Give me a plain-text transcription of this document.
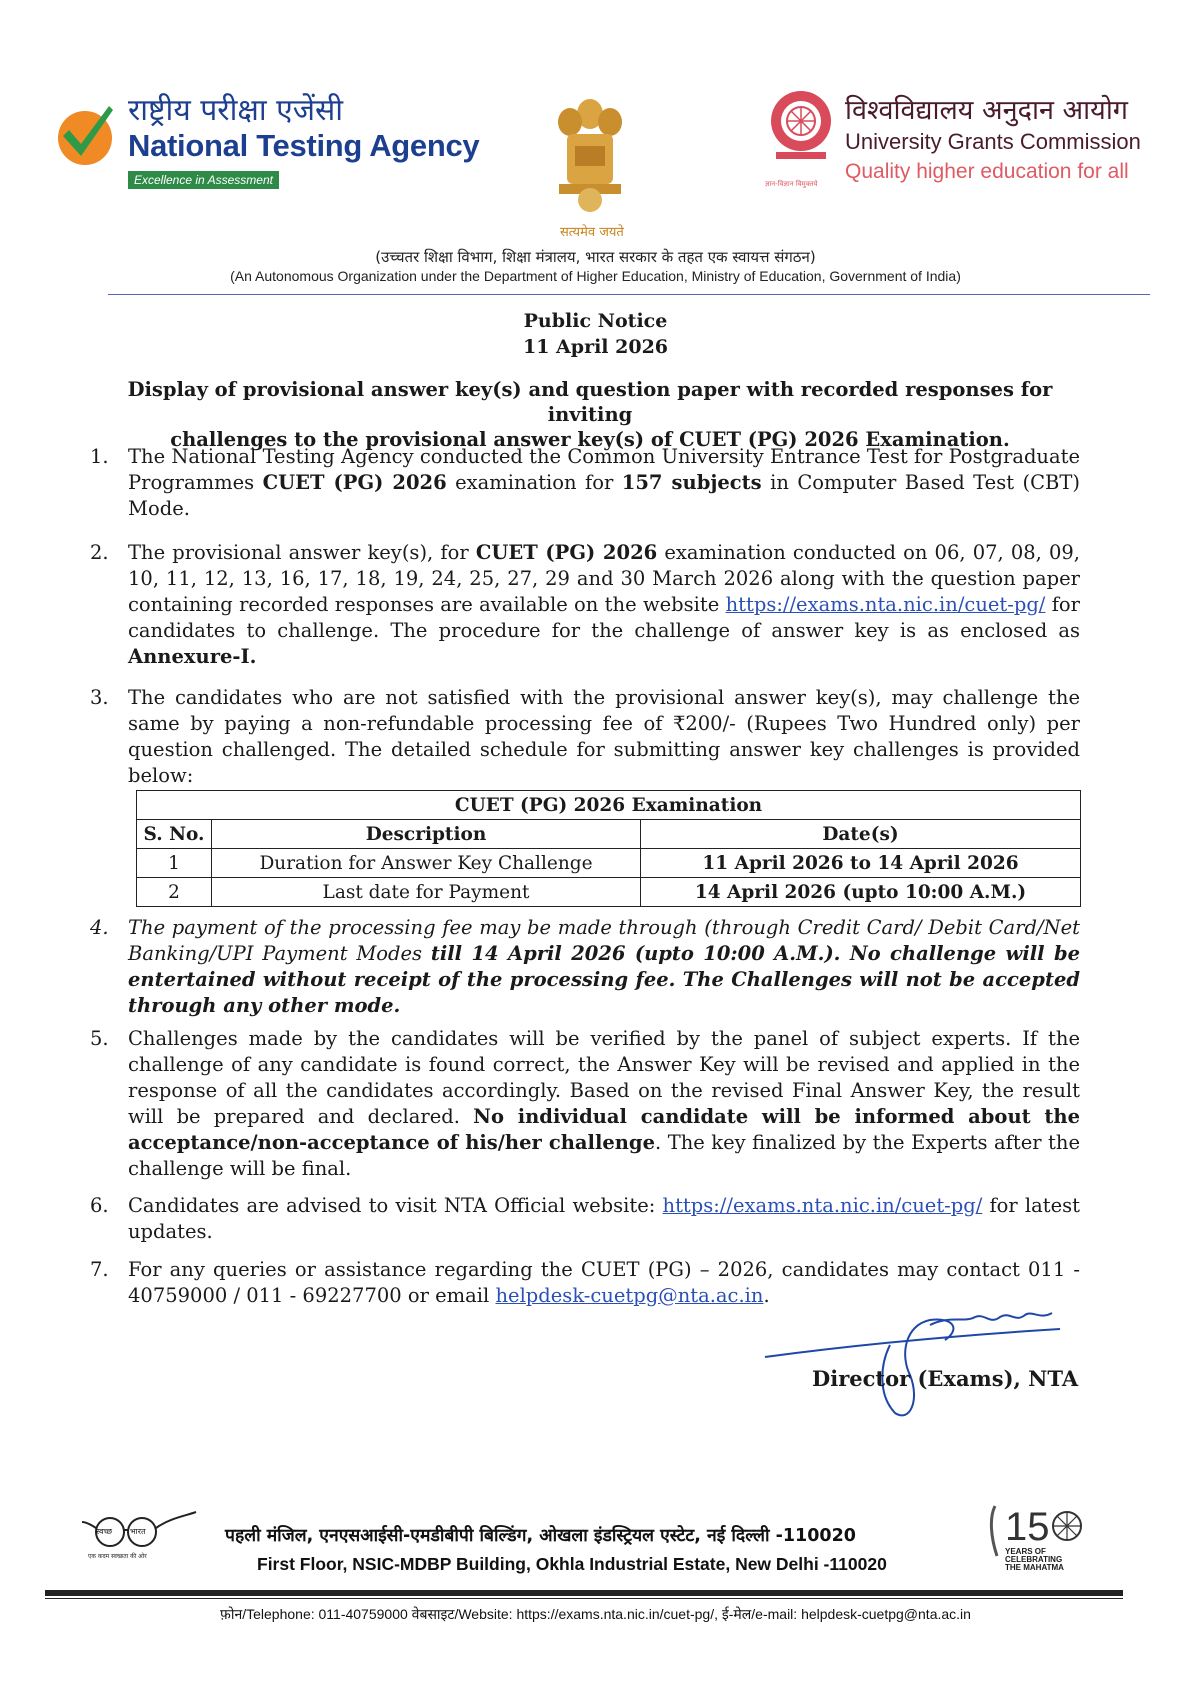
राष्ट्रीय परीक्षा एजेंसी
National Testing Agency
Excellence in Assessment
सत्यमेव जयते
ज्ञान-विज्ञान विमुक्तये
विश्वविद्यालय अनुदान आयोग
University Grants Commission
Quality higher education for all
(उच्चतर शिक्षा विभाग, शिक्षा मंत्रालय, भारत सरकार के तहत एक स्वायत्त संगठन)
(An Autonomous Organization under the Department of Higher Education, Ministry of Education, Government of India)
Public Notice
11 April 2026
Display of provisional answer key(s) and question paper with recorded responses for inviting
challenges to the provisional answer key(s) of CUET (PG) 2026 Examination.
1. The National Testing Agency conducted the Common University Entrance Test for Postgraduate Programmes CUET (PG) 2026 examination for 157 subjects in Computer Based Test (CBT) Mode.
2. The provisional answer key(s), for CUET (PG) 2026 examination conducted on 06, 07, 08, 09, 10, 11, 12, 13, 16, 17, 18, 19, 24, 25, 27, 29 and 30 March 2026 along with the question paper containing recorded responses are available on the website https://exams.nta.nic.in/cuet-pg/ for candidates to challenge. The procedure for the challenge of answer key is as enclosed as Annexure-I.
3. The candidates who are not satisfied with the provisional answer key(s), may challenge the same by paying a non-refundable processing fee of ₹200/- (Rupees Two Hundred only) per question challenged. The detailed schedule for submitting answer key challenges is provided below:
CUET (PG) 2026 Examination		
S. No.	Description	Date(s)
1	Duration for Answer Key Challenge	11 April 2026 to 14 April 2026
2	Last date for Payment	14 April 2026 (upto 10:00 A.M.)
4. The payment of the processing fee may be made through (through Credit Card/ Debit Card/Net Banking/UPI Payment Modes till 14 April 2026 (upto 10:00 A.M.). No challenge will be entertained without receipt of the processing fee. The Challenges will not be accepted through any other mode.
5. Challenges made by the candidates will be verified by the panel of subject experts. If the challenge of any candidate is found correct, the Answer Key will be revised and applied in the response of all the candidates accordingly. Based on the revised Final Answer Key, the result will be prepared and declared. No individual candidate will be informed about the acceptance/non-acceptance of his/her challenge. The key finalized by the Experts after the challenge will be final.
6. Candidates are advised to visit NTA Official website: https://exams.nta.nic.in/cuet-pg/ for latest updates.
7. For any queries or assistance regarding the CUET (PG) – 2026, candidates may contact 011 - 40759000 / 011 - 69227700 or email helpdesk-cuetpg@nta.ac.in.
Director (Exams), NTA
स्वच्छ भारत
एक कदम स्वच्छता की ओर
पहली मंजिल, एनएसआईसी-एमडीबीपी बिल्डिंग, ओखला इंडस्ट्रियल एस्टेट, नई दिल्ली -110020
First Floor, NSIC-MDBP Building, Okhla Industrial Estate, New Delhi -110020
15
YEARS OF
CELEBRATING
THE MAHATMA
फ़ोन/Telephone: 011-40759000 वेबसाइट/Website: https://exams.nta.nic.in/cuet-pg/, ई-मेल/e-mail: helpdesk-cuetpg@nta.ac.in
